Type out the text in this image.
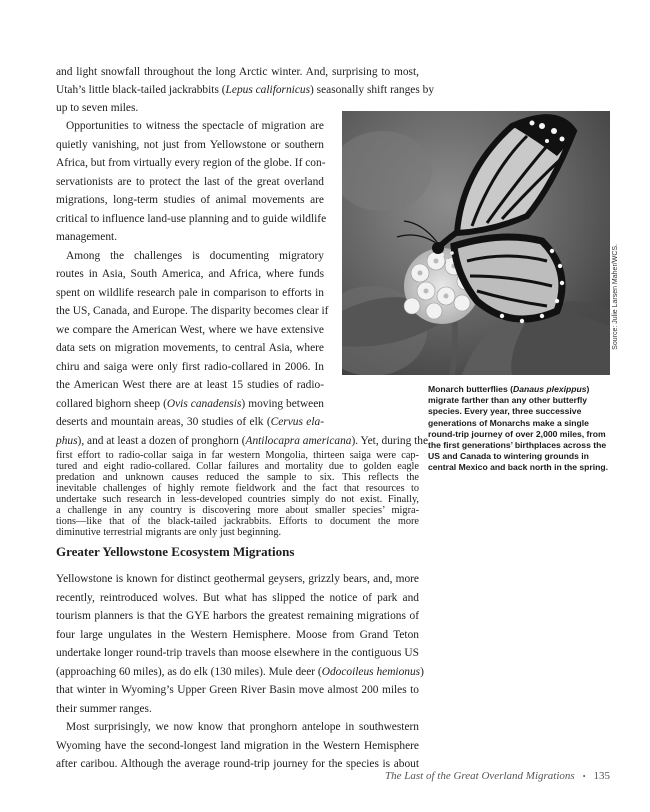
and light snowfall throughout the long Arctic winter. And, surprising to most,
Utah’s little black-tailed jackrabbits (Lepus californicus) seasonally shift ranges by
up to seven miles.
Opportunities to witness the spectacle of migration are
quietly vanishing, not just from Yellowstone or southern
Africa, but from virtually every region of the globe. If con-
servationists are to protect the last of the great overland
migrations, long-term studies of animal movements are
critical to influence land-use planning and to guide wildlife
management.
Among the challenges is documenting migratory
routes in Asia, South America, and Africa, where funds
spent on wildlife research pale in comparison to efforts in
the US, Canada, and Europe. The disparity becomes clear if
we compare the American West, where we have extensive
data sets on migration movements, to central Asia, where
chiru and saiga were only first radio-collared in 2006. In
the American West there are at least 15 studies of radio-
collared bighorn sheep (Ovis canadensis) moving between
deserts and mountain areas, 30 studies of elk (Cervus ela-
phus), and at least a dozen of pronghorn (Antilocapra americana). Yet, during the
Source: Julie Larsen Maher/WCS.
Monarch butterflies (Danaus plexippus) migrate farther than any other butterfly species. Every year, three successive generations of Monarchs make a single round-trip journey of over 2,000 miles, from the first generations’ birthplaces across the US and Canada to wintering grounds in central Mexico and back north in the spring.
Greater Yellowstone Ecosystem Migrations
Yellowstone is known for distinct geothermal geysers, grizzly bears, and, more
recently, reintroduced wolves. But what has slipped the notice of park and
tourism planners is that the GYE harbors the greatest remaining migrations of
four large ungulates in the Western Hemisphere. Moose from Grand Teton
undertake longer round-trip travels than moose elsewhere in the contiguous US
(approaching 60 miles), as do elk (130 miles). Mule deer (Odocoileus hemionus)
that winter in Wyoming’s Upper Green River Basin move almost 200 miles to
their summer ranges.
Most surprisingly, we now know that pronghorn antelope in southwestern
Wyoming have the second-longest land migration in the Western Hemisphere
after caribou. Although the average round-trip journey for the species is about
The Last of the Great Overland Migrations • 135
first effort to radio-collar saiga in far western Mongolia, thirteen saiga were cap-
tured and eight radio-collared. Collar failures and mortality due to golden eagle
predation and unknown causes reduced the sample to six. This reflects the
inevitable challenges of highly remote fieldwork and the fact that resources to
undertake such research in less-developed countries simply do not exist. Finally,
a challenge in any country is discovering more about smaller species’ migra-
tions—like that of the black-tailed jackrabbits. Efforts to document the more
diminutive terrestrial migrants are only just beginning.
